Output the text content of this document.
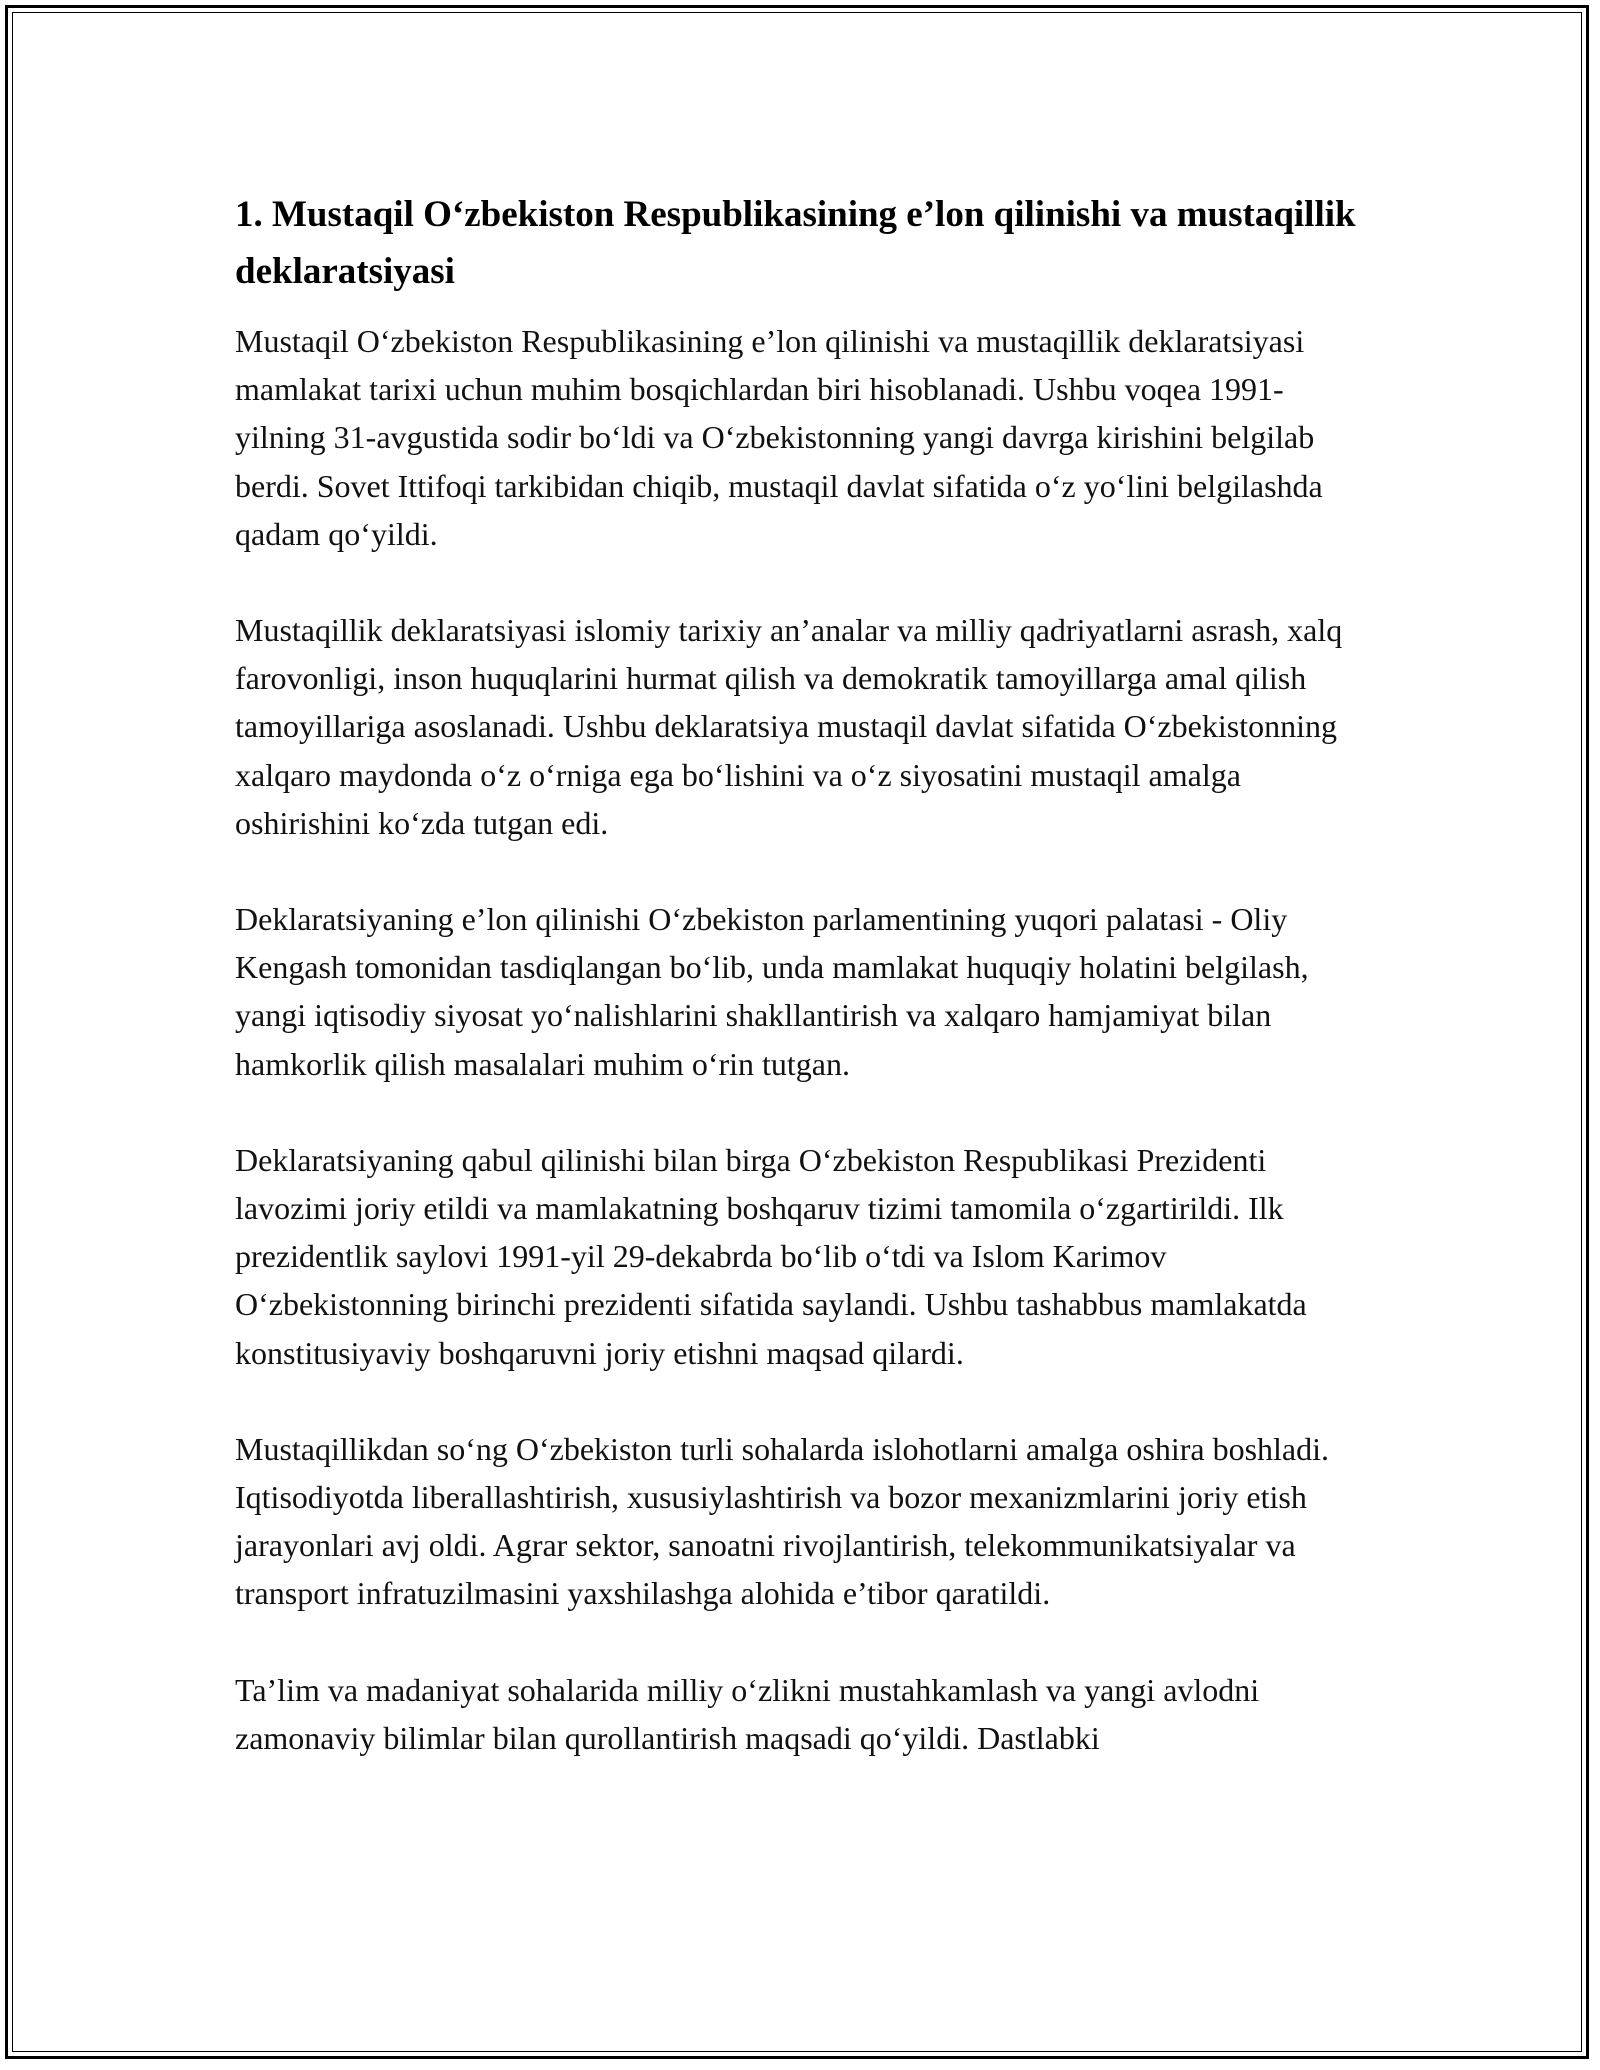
1. Mustaqil O‘zbekiston Respublikasining e’lon qilinishi va mustaqillik deklaratsiyasi

Mustaqil O‘zbekiston Respublikasining e’lon qilinishi va mustaqillik deklaratsiyasi mamlakat tarixi uchun muhim bosqichlardan biri hisoblanadi. Ushbu voqea 1991-yilning 31-avgustida sodir bo‘ldi va O‘zbekistonning yangi davrga kirishini belgilab berdi. Sovet Ittifoqi tarkibidan chiqib, mustaqil davlat sifatida o‘z yo‘lini belgilashda qadam qo‘yildi.

Mustaqillik deklaratsiyasi islomiy tarixiy an’analar va milliy qadriyatlarni asrash, xalq farovonligi, inson huquqlarini hurmat qilish va demokratik tamoyillarga amal qilish tamoyillariga asoslanadi. Ushbu deklaratsiya mustaqil davlat sifatida O‘zbekistonning xalqaro maydonda o‘z o‘rniga ega bo‘lishini va o‘z siyosatini mustaqil amalga oshirishini ko‘zda tutgan edi.

Deklaratsiyaning e’lon qilinishi O‘zbekiston parlamentining yuqori palatasi - Oliy Kengash tomonidan tasdiqlangan bo‘lib, unda mamlakat huquqiy holatini belgilash, yangi iqtisodiy siyosat yo‘nalishlarini shakllantirish va xalqaro hamjamiyat bilan hamkorlik qilish masalalari muhim o‘rin tutgan.

Deklaratsiyaning qabul qilinishi bilan birga O‘zbekiston Respublikasi Prezidenti lavozimi joriy etildi va mamlakatning boshqaruv tizimi tamomila o‘zgartirildi. Ilk prezidentlik saylovi 1991-yil 29-dekabrda bo‘lib o‘tdi va Islom Karimov O‘zbekistonning birinchi prezidenti sifatida saylandi. Ushbu tashabbus mamlakatda konstitusiyaviy boshqaruvni joriy etishni maqsad qilardi.

Mustaqillikdan so‘ng O‘zbekiston turli sohalarda islohotlarni amalga oshira boshladi. Iqtisodiyotda liberallashtirish, xususiylashtirish va bozor mexanizmlarini joriy etish jarayonlari avj oldi. Agrar sektor, sanoatni rivojlantirish, telekommunikatsiyalar va transport infratuzilmasini yaxshilashga alohida e’tibor qaratildi.

Ta’lim va madaniyat sohalarida milliy o‘zlikni mustahkamlash va yangi avlodni zamonaviy bilimlar bilan qurollantirish maqsadi qo‘yildi. Dastlabki
